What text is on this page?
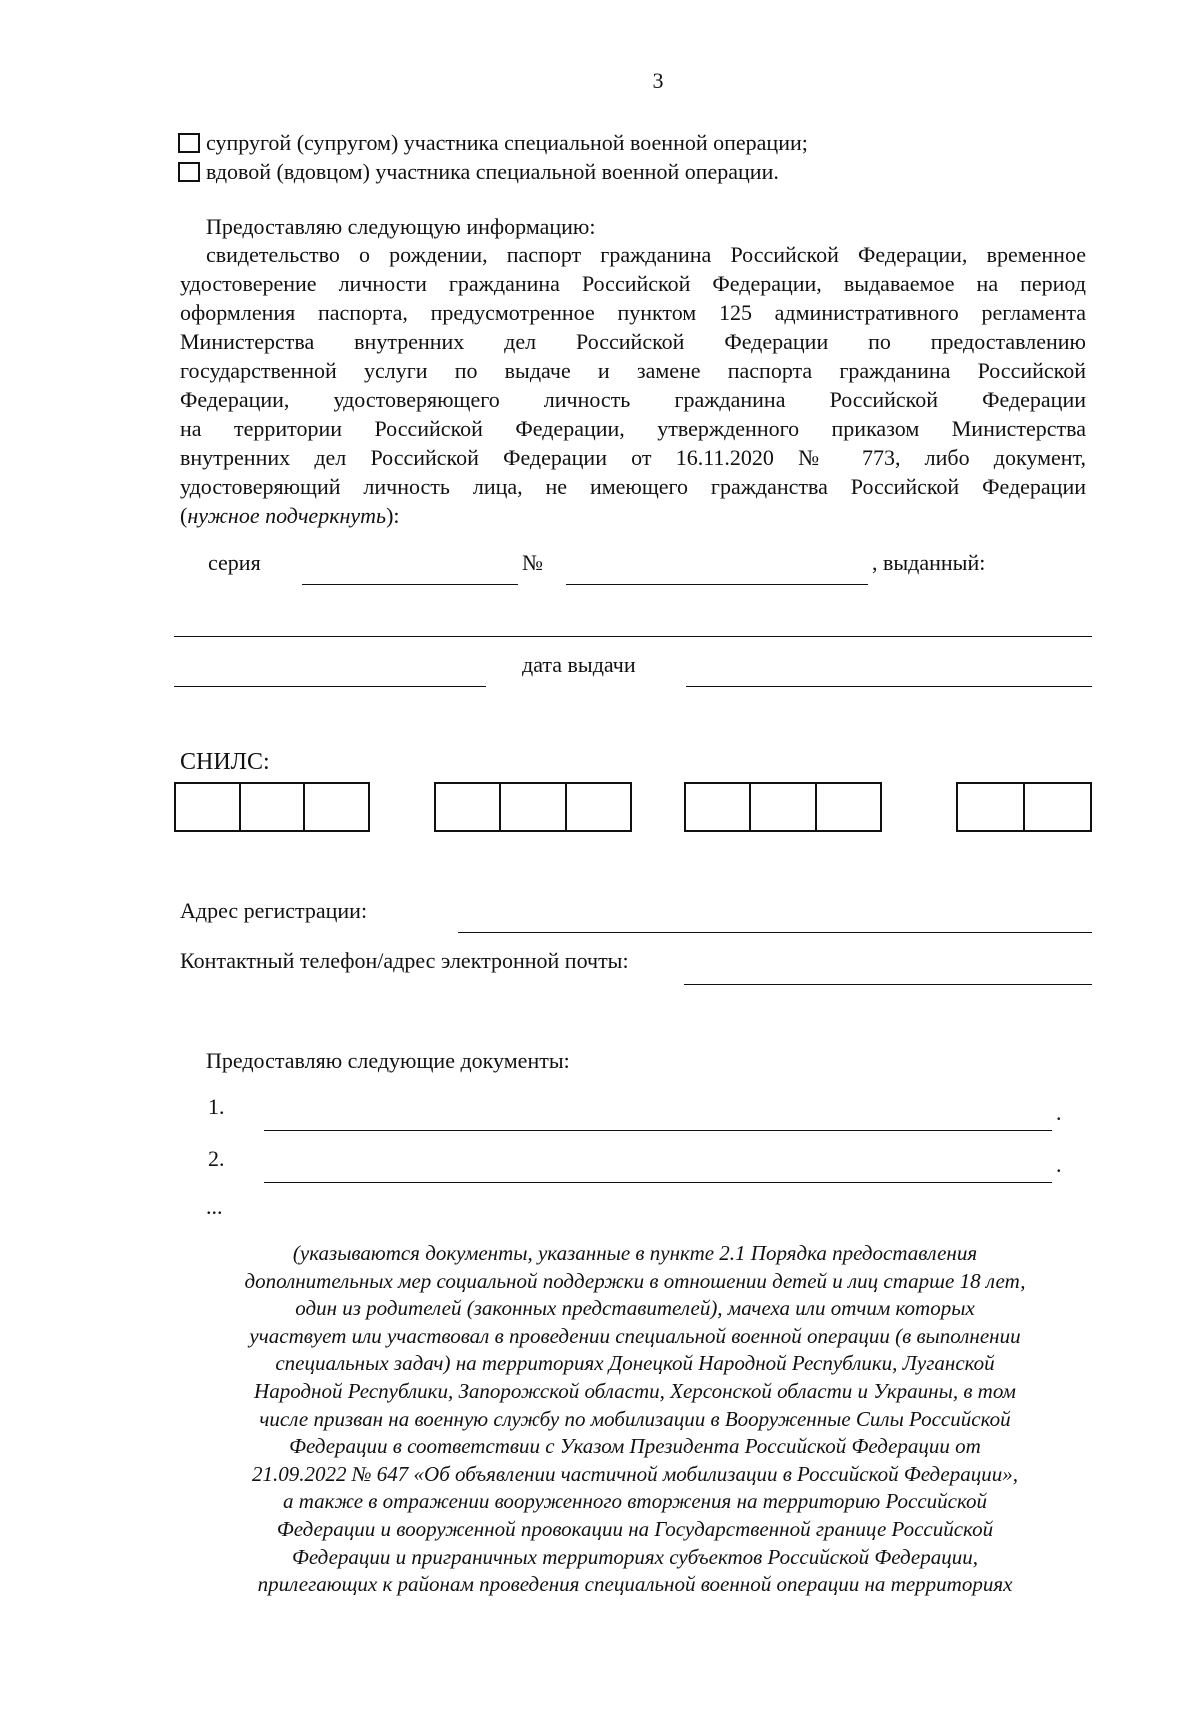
3
супругой (супругом) участника специальной военной операции;
вдовой (вдовцом) участника специальной военной операции.
Предоставляю следующую информацию:
свидетельство о рождении, паспорт гражданина Российской Федерации, временное
удостоверение личности гражданина Российской Федерации, выдаваемое на период
оформления паспорта, предусмотренное пунктом 125 административного регламента
Министерства внутренних дел Российской Федерации по предоставлению
государственной услуги по выдаче и замене паспорта гражданина Российской
Федерации, удостоверяющего личность гражданина Российской Федерации
на территории Российской Федерации, утвержденного приказом Министерства
внутренних дел Российской Федерации от 16.11.2020 № 773, либо документ,
удостоверяющий личность лица, не имеющего гражданства Российской Федерации
(нужное подчеркнуть):
серия	№	, выданный:
дата выдачи
СНИЛС:
Адрес регистрации:
Контактный телефон/адрес электронной почты:
Предоставляю следующие документы:
1.	.
2.	.
...
(указываются документы, указанные в пункте 2.1 Порядка предоставления
дополнительных мер социальной поддержки в отношении детей и лиц старше 18 лет,
один из родителей (законных представителей), мачеха или отчим которых
участвует или участвовал в проведении специальной военной операции (в выполнении
специальных задач) на территориях Донецкой Народной Республики, Луганской
Народной Республики, Запорожской области, Херсонской области и Украины, в том
числе призван на военную службу по мобилизации в Вооруженные Силы Российской
Федерации в соответствии с Указом Президента Российской Федерации от
21.09.2022 № 647 «Об объявлении частичной мобилизации в Российской Федерации»,
а также в отражении вооруженного вторжения на территорию Российской
Федерации и вооруженной провокации на Государственной границе Российской
Федерации и приграничных территориях субъектов Российской Федерации,
прилегающих к районам проведения специальной военной операции на территориях
